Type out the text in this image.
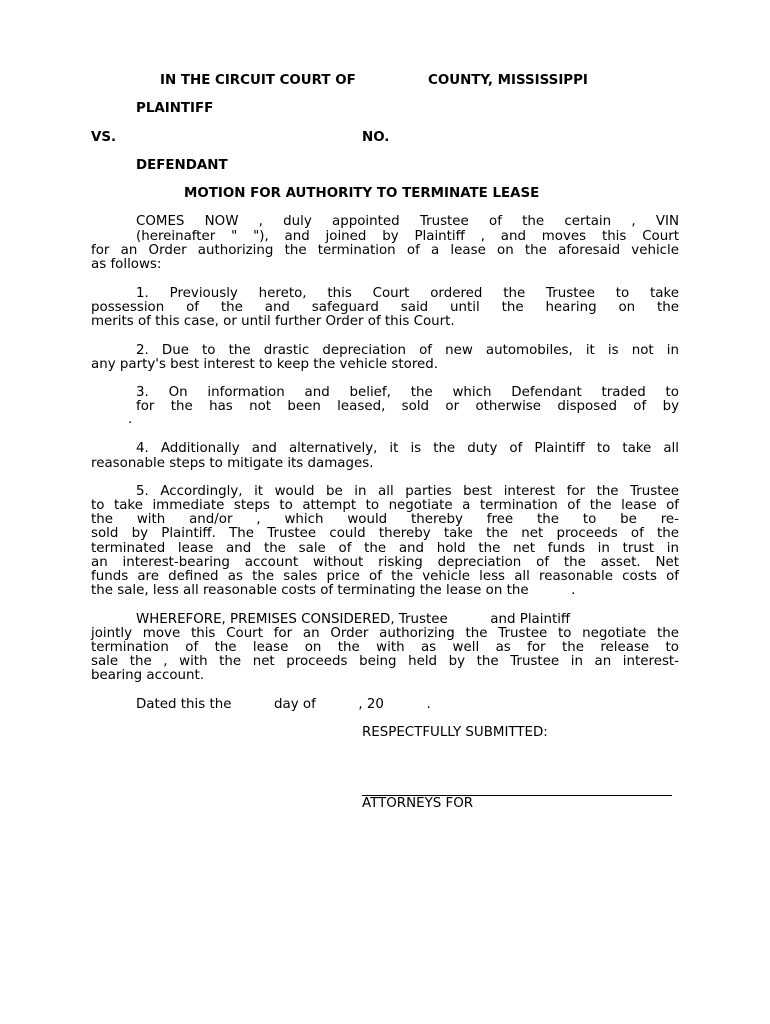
IN THE CIRCUIT COURT OF	COUNTY, MISSISSIPPI
PLAINTIFF
VS.	NO.
DEFENDANT
MOTION FOR AUTHORITY TO TERMINATE LEASE
COMES NOW , duly appointed Trustee of the certain , VIN
(hereinafter " "), and joined by Plaintiff , and moves this Court
for an Order authorizing the termination of a lease on the aforesaid vehicle
as follows:
1. Previously hereto, this Court ordered the Trustee to take
possession of the and safeguard said until the hearing on the
merits of this case, or until further Order of this Court.
2. Due to the drastic depreciation of new automobiles, it is not in
any party's best interest to keep the vehicle stored.
3. On information and belief, the which Defendant traded to
for the has not been leased, sold or otherwise disposed of by
.
4. Additionally and alternatively, it is the duty of Plaintiff to take all
reasonable steps to mitigate its damages.
5. Accordingly, it would be in all parties best interest for the Trustee
to take immediate steps to attempt to negotiate a termination of the lease of
the with and/or , which would thereby free the to be re-
sold by Plaintiff. The Trustee could thereby take the net proceeds of the
terminated lease and the sale of the and hold the net funds in trust in
an interest-bearing account without risking depreciation of the asset. Net
funds are defined as the sales price of the vehicle less all reasonable costs of
the sale, less all reasonable costs of terminating the lease on the          .
WHEREFORE, PREMISES CONSIDERED, Trustee          and Plaintiff
jointly move this Court for an Order authorizing the Trustee to negotiate the
termination of the lease on the with as well as for the release to
sale the , with the net proceeds being held by the Trustee in an interest-
bearing account.
Dated this the          day of          , 20          .
RESPECTFULLY SUBMITTED:
ATTORNEYS FOR
